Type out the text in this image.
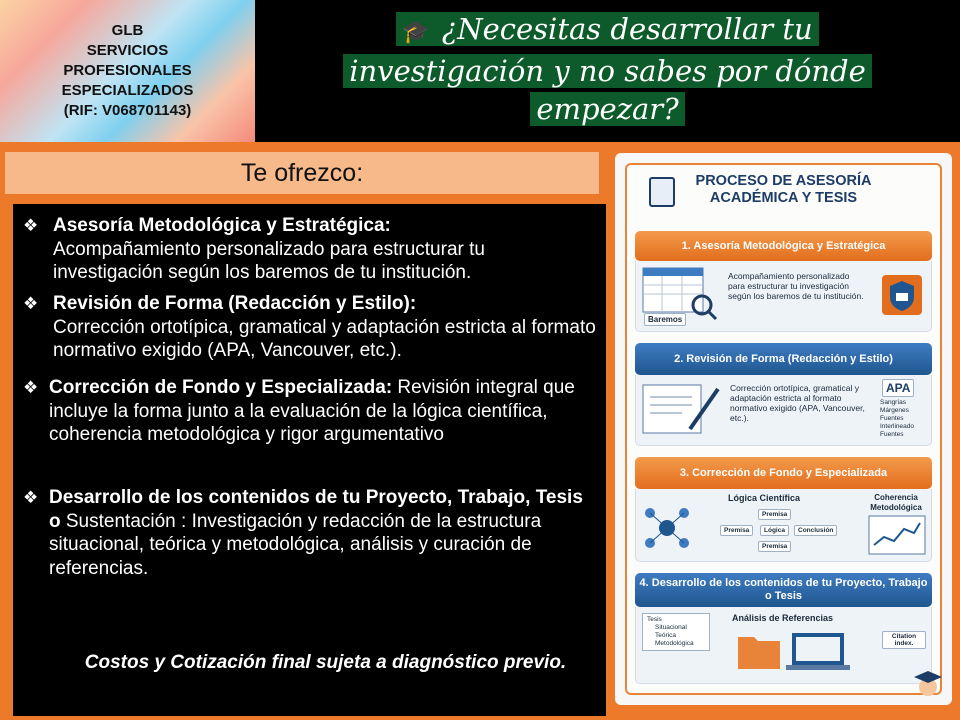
GLB
SERVICIOS
PROFESIONALES
ESPECIALIZADOS
(RIF: V068701143)
🎓 ¿Necesitas desarrollar tu
investigación y no sabes por dónde
empezar?
Te ofrezco:
❖ Asesoría Metodológica y Estratégica:
Acompañamiento personalizado para estructurar tu investigación según los baremos de tu institución.
❖ Revisión de Forma (Redacción y Estilo):
Corrección ortotípica, gramatical y adaptación estricta al formato normativo exigido (APA, Vancouver, etc.).
❖ Corrección de Fondo y Especializada: Revisión integral que incluye la forma junto a la evaluación de la lógica científica, coherencia metodológica y rigor argumentativo
❖ Desarrollo de los contenidos de tu Proyecto, Trabajo, Tesis o Sustentación : Investigación y redacción de la estructura situacional, teórica y metodológica, análisis y curación de referencias.
Costos y Cotización final sujeta a diagnóstico previo.
PROCESO DE ASESORÍA
ACADÉMICA Y TESIS
1. Asesoría Metodológica y Estratégica
Baremos
Acompañamiento personalizado para estructurar tu investigación según los baremos de tu institución.
2. Revisión de Forma (Redacción y Estilo)
Corrección ortotípica, gramatical y adaptación estricta al formato normativo exigido (APA, Vancouver, etc.).
APA
Sangrías
Márgenes
Fuentes
Interlineado
Fuentes
3. Corrección de Fondo y Especializada
Lógica Científica	Coherencia Metodológica
Premisa
Premisa	Lógica	Conclusión
Premisa
4. Desarrollo de los contenidos de tu Proyecto, Trabajo o Tesis
Tesis
Situacional
Teórica
Metodológica
Análisis de Referencias
Citation index.
